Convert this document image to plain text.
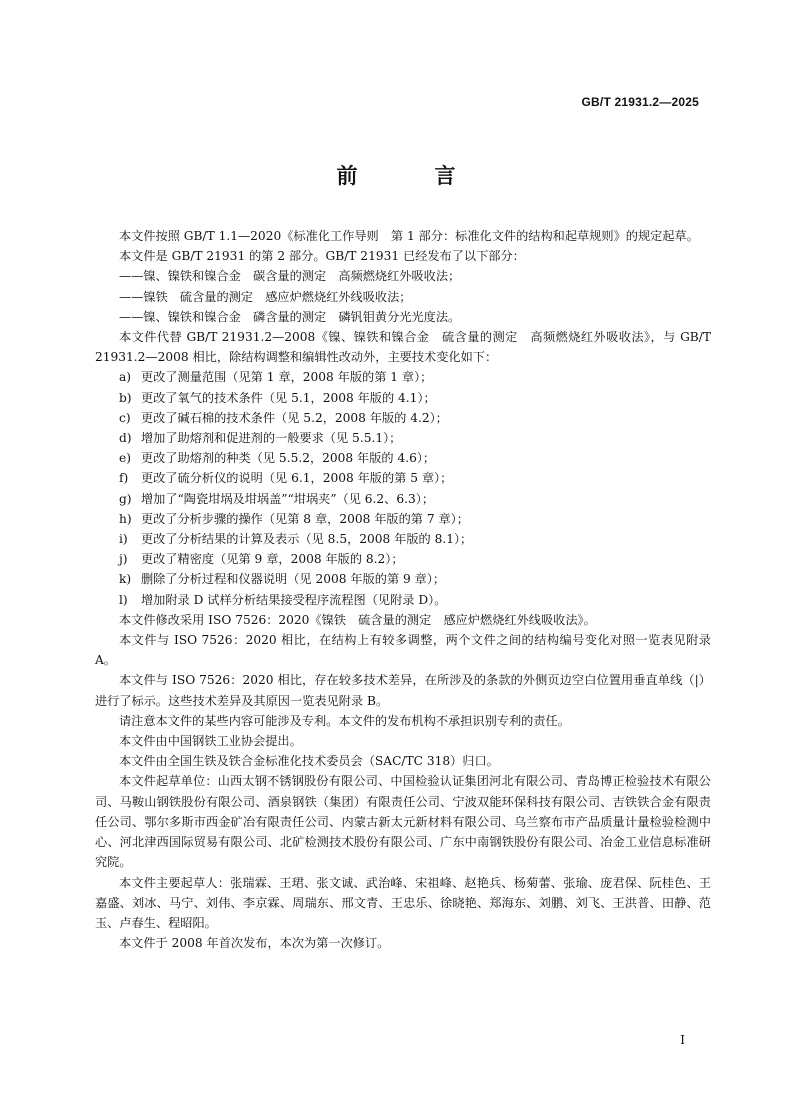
GB/T 21931.2—2025
前　言

本文件按照 GB/T 1.1—2020《标准化工作导则　第 1 部分：标准化文件的结构和起草规则》的规定起草。

本文件是 GB/T 21931 的第 2 部分。GB/T 21931 已经发布了以下部分：

——镍、镍铁和镍合金　碳含量的测定　高频燃烧红外吸收法；

——镍铁　硫含量的测定　感应炉燃烧红外线吸收法；

——镍、镍铁和镍合金　磷含量的测定　磷钒钼黄分光光度法。

本文件代替 GB/T 21931.2—2008《镍、镍铁和镍合金　硫含量的测定　高频燃烧红外吸收法》，与 GB/T 21931.2—2008 相比，除结构调整和编辑性改动外，主要技术变化如下：

a) 更改了测量范围（见第 1 章，2008 年版的第 1 章）；
b) 更改了氧气的技术条件（见 5.1，2008 年版的 4.1）；
c) 更改了碱石棉的技术条件（见 5.2，2008 年版的 4.2）；
d) 增加了助熔剂和促进剂的一般要求（见 5.5.1）；
e) 更改了助熔剂的种类（见 5.5.2，2008 年版的 4.6）；
f)	更改了硫分析仪的说明（见 6.1，2008 年版的第 5 章）；
g) 增加了“陶瓷坩埚及坩埚盖”“坩埚夹”（见 6.2、6.3）；
h) 更改了分析步骤的操作（见第 8 章，2008 年版的第 7 章）；
i)	更改了分析结果的计算及表示（见 8.5，2008 年版的 8.1）；
j)	更改了精密度（见第 9 章，2008 年版的 8.2）；
k) 删除了分析过程和仪器说明（见 2008 年版的第 9 章）；
l)	增加附录 D 试样分析结果接受程序流程图（见附录 D）。

本文件修改采用 ISO 7526：2020《镍铁　硫含量的测定　感应炉燃烧红外线吸收法》。

本文件与 ISO 7526：2020 相比，在结构上有较多调整，两个文件之间的结构编号变化对照一览表见附录 A。

本文件与 ISO 7526：2020 相比，存在较多技术差异，在所涉及的条款的外侧页边空白位置用垂直单线（|）进行了标示。这些技术差异及其原因一览表见附录 B。

请注意本文件的某些内容可能涉及专利。本文件的发布机构不承担识别专利的责任。

本文件由中国钢铁工业协会提出。

本文件由全国生铁及铁合金标准化技术委员会（SAC/TC 318）归口。

本文件起草单位：山西太钢不锈钢股份有限公司、中国检验认证集团河北有限公司、青岛博正检验技术有限公司、马鞍山钢铁股份有限公司、酒泉钢铁（集团）有限责任公司、宁波双能环保科技有限公司、吉铁铁合金有限责任公司、鄂尔多斯市西金矿冶有限责任公司、内蒙古新太元新材料有限公司、乌兰察布市产品质量计量检验检测中心、河北津西国际贸易有限公司、北矿检测技术股份有限公司、广东中南钢铁股份有限公司、冶金工业信息标准研究院。

本文件主要起草人：张瑞霖、王珺、张文诚、武治峰、宋祖峰、赵艳兵、杨菊蕾、张瑜、庞君保、阮桂色、王嘉盛、刘冰、马宁、刘伟、李京霖、周瑞东、邢文青、王忠乐、徐晓艳、郑海东、刘鹏、刘飞、王洪普、田静、范玉、卢春生、程昭阳。

本文件于 2008 年首次发布，本次为第一次修订。

I
